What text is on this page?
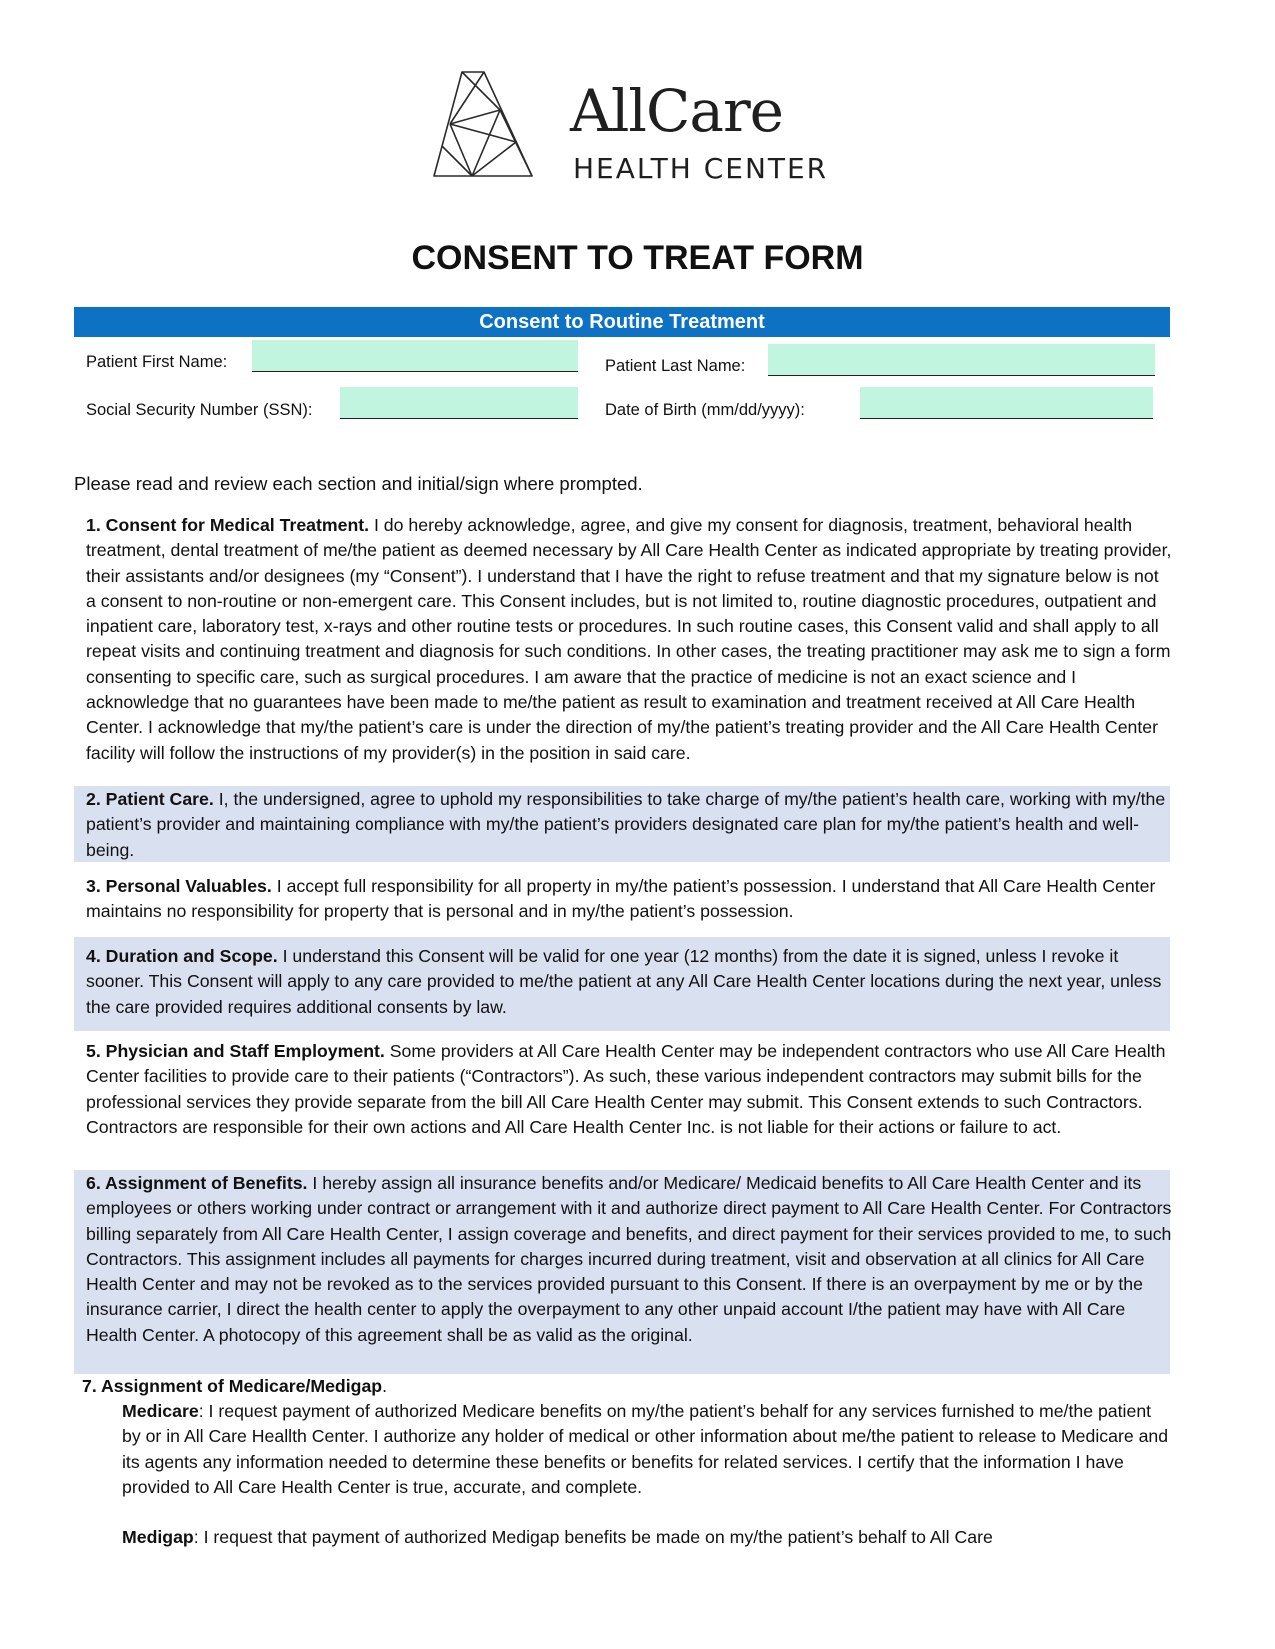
AllCare
HEALTH CENTER
CONSENT TO TREAT FORM
Consent to Routine Treatment
Patient First Name:	Patient Last Name:
Social Security Number (SSN):	Date of Birth (mm/dd/yyyy):
Please read and review each section and initial/sign where prompted.
1. Consent for Medical Treatment. I do hereby acknowledge, agree, and give my consent for diagnosis, treatment, behavioral health treatment, dental treatment of me/the patient as deemed necessary by All Care Health Center as indicated appropriate by treating provider, their assistants and/or designees (my “Consent”). I understand that I have the right to refuse treatment and that my signature below is not a consent to non-routine or non-emergent care. This Consent includes, but is not limited to, routine diagnostic procedures, outpatient and inpatient care, laboratory test, x-rays and other routine tests or procedures. In such routine cases, this Consent valid and shall apply to all repeat visits and continuing treatment and diagnosis for such conditions. In other cases, the treating practitioner may ask me to sign a form consenting to specific care, such as surgical procedures. I am aware that the practice of medicine is not an exact science and I acknowledge that no guarantees have been made to me/the patient as result to examination and treatment received at All Care Health Center. I acknowledge that my/the patient’s care is under the direction of my/the patient’s treating provider and the All Care Health Center facility will follow the instructions of my provider(s) in the position in said care.
2. Patient Care. I, the undersigned, agree to uphold my responsibilities to take charge of my/the patient’s health care, working with my/the patient’s provider and maintaining compliance with my/the patient’s providers designated care plan for my/the patient’s health and well-being.
3. Personal Valuables. I accept full responsibility for all property in my/the patient’s possession. I understand that All Care Health Center maintains no responsibility for property that is personal and in my/the patient’s possession.
4. Duration and Scope. I understand this Consent will be valid for one year (12 months) from the date it is signed, unless I revoke it sooner. This Consent will apply to any care provided to me/the patient at any All Care Health Center locations during the next year, unless the care provided requires additional consents by law.
5. Physician and Staff Employment. Some providers at All Care Health Center may be independent contractors who use All Care Health Center facilities to provide care to their patients (“Contractors”). As such, these various independent contractors may submit bills for the professional services they provide separate from the bill All Care Health Center may submit. This Consent extends to such Contractors. Contractors are responsible for their own actions and All Care Health Center Inc. is not liable for their actions or failure to act.
6. Assignment of Benefits. I hereby assign all insurance benefits and/or Medicare/ Medicaid benefits to All Care Health Center and its employees or others working under contract or arrangement with it and authorize direct payment to All Care Health Center. For Contractors billing separately from All Care Health Center, I assign coverage and benefits, and direct payment for their services provided to me, to such Contractors. This assignment includes all payments for charges incurred during treatment, visit and observation at all clinics for All Care Health Center and may not be revoked as to the services provided pursuant to this Consent. If there is an overpayment by me or by the insurance carrier, I direct the health center to apply the overpayment to any other unpaid account I/the patient may have with All Care Health Center. A photocopy of this agreement shall be as valid as the original.
7. Assignment of Medicare/Medigap.
Medicare: I request payment of authorized Medicare benefits on my/the patient’s behalf for any services furnished to me/the patient by or in All Care Heallth Center. I authorize any holder of medical or other information about me/the patient to release to Medicare and its agents any information needed to determine these benefits or benefits for related services. I certify that the information I have provided to All Care Health Center is true, accurate, and complete.
Medigap: I request that payment of authorized Medigap benefits be made on my/the patient’s behalf to All Care
